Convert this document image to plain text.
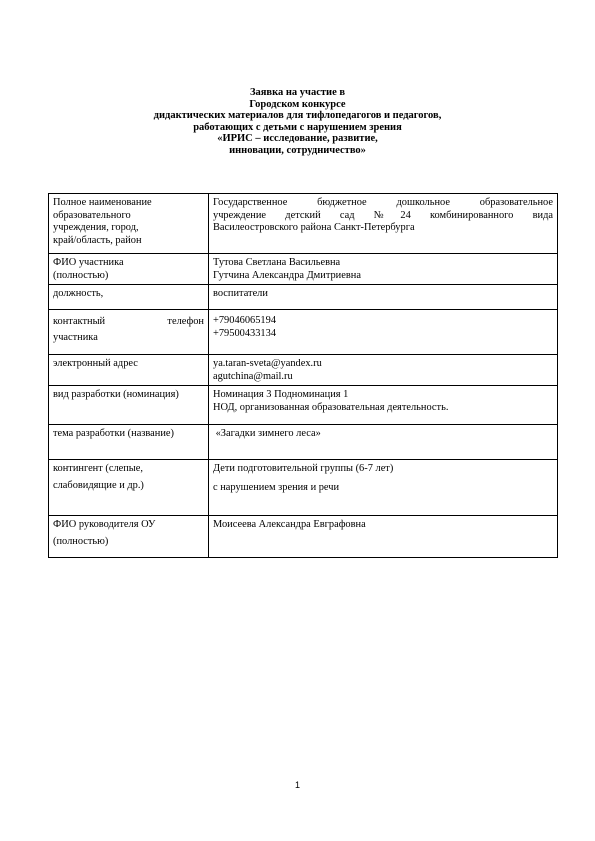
Заявка на участие в
Городском конкурсе
дидактических материалов для тифлопедагогов и педагогов,
работающих с детьми с нарушением зрения
«ИРИС – исследование, развитие,
инновации, сотрудничество»
Полное наименование
образовательного
учреждения, город,
край/область, район	Государственное бюджетное дошкольное образовательное
учреждение детский сад №24 комбинированного вида
Василеостровского района Санкт-Петербурга

ФИО участника
(полностью)	Тутова Светлана Васильевна
Гутчина Александра Дмитриевна

должность,	воспитатели

контактный телефон
участника	+79046065194
+79500433134

электронный адрес	ya.taran-sveta@yandex.ru
agutchina@mail.ru

вид разработки (номинация)	Номинация 3 Подноминация 1
НОД, организованная образовательная деятельность.

тема разработки (название)	«Загадки зимнего леса»

контингент (слепые,
слабовидящие и др.)	Дети подготовительной группы (6-7 лет)
с нарушением зрения и речи

ФИО руководителя ОУ
(полностью)	Моисеева Александра Евграфовна
1
